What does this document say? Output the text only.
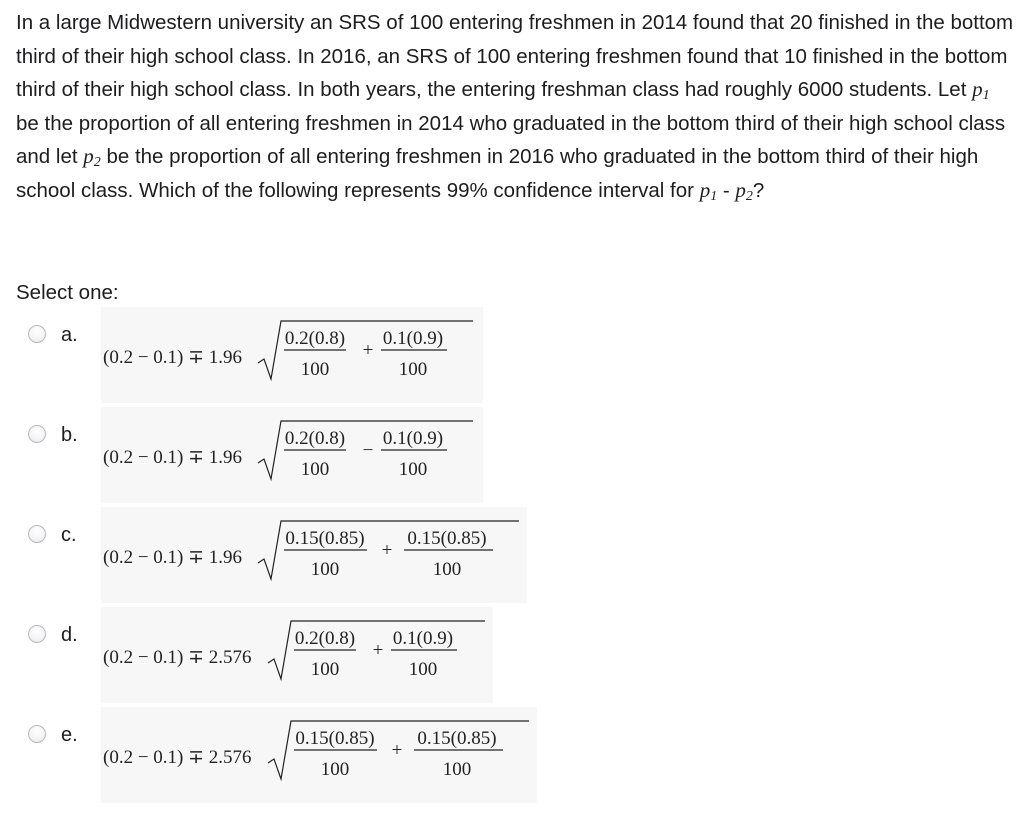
In a large Midwestern university an SRS of 100 entering freshmen in 2014 found that 20 finished in the bottom third of their high school class. In 2016, an SRS of 100 entering freshmen found that 10 finished in the bottom third of their high school class. In both years, the entering freshman class had roughly 6000 students. Let $p_1$ be the proportion of all entering freshmen in 2014 who graduated in the bottom third of their high school class and let $p_2$ be the proportion of all entering freshmen in 2016 who graduated in the bottom third of their high school class. Which of the following represents 99% confidence interval for $p_1 - p_2$?

Select one:

a.
(0.2 − 0.1) ∓ 1.96
0.2(0.8)
100
+
0.1(0.9)
100
b.
(0.2 − 0.1) ∓ 1.96
0.2(0.8)
100
−
0.1(0.9)
100
c.
(0.2 − 0.1) ∓ 1.96
0.15(0.85)
100
+
0.15(0.85)
100
d.
(0.2 − 0.1) ∓ 2.576
0.2(0.8)
100
+
0.1(0.9)
100
e.
(0.2 − 0.1) ∓ 2.576
0.15(0.85)
100
+
0.15(0.85)
100
